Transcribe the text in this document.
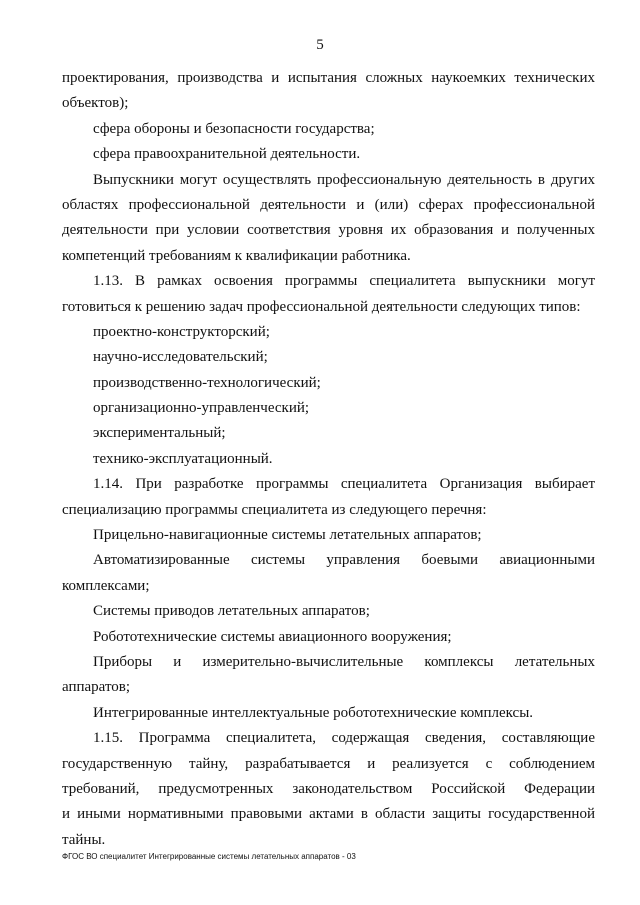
5
проектирования, производства и испытания сложных наукоемких технических
объектов);
сфера обороны и безопасности государства;
сфера правоохранительной деятельности.
Выпускники могут осуществлять профессиональную деятельность в других
областях профессиональной деятельности и (или) сферах профессиональной
деятельности при условии соответствия уровня их образования и полученных
компетенций требованиям к квалификации работника.
1.13. В рамках освоения программы специалитета выпускники могут
готовиться к решению задач профессиональной деятельности следующих типов:
проектно-конструкторский;
научно-исследовательский;
производственно-технологический;
организационно-управленческий;
экспериментальный;
технико-эксплуатационный.
1.14. При разработке программы специалитета Организация выбирает
специализацию программы специалитета из следующего перечня:
Прицельно-навигационные системы летательных аппаратов;
Автоматизированные системы управления боевыми авиационными
комплексами;
Системы приводов летательных аппаратов;
Робототехнические системы авиационного вооружения;
Приборы и измерительно-вычислительные комплексы летательных
аппаратов;
Интегрированные интеллектуальные робототехнические комплексы.
1.15. Программа специалитета, содержащая сведения, составляющие
государственную тайну, разрабатывается и реализуется с соблюдением
требований, предусмотренных законодательством Российской Федерации
и иными нормативными правовыми актами в области защиты государственной
тайны.
ФГОС ВО специалитет Интегрированные системы летательных аппаратов - 03
